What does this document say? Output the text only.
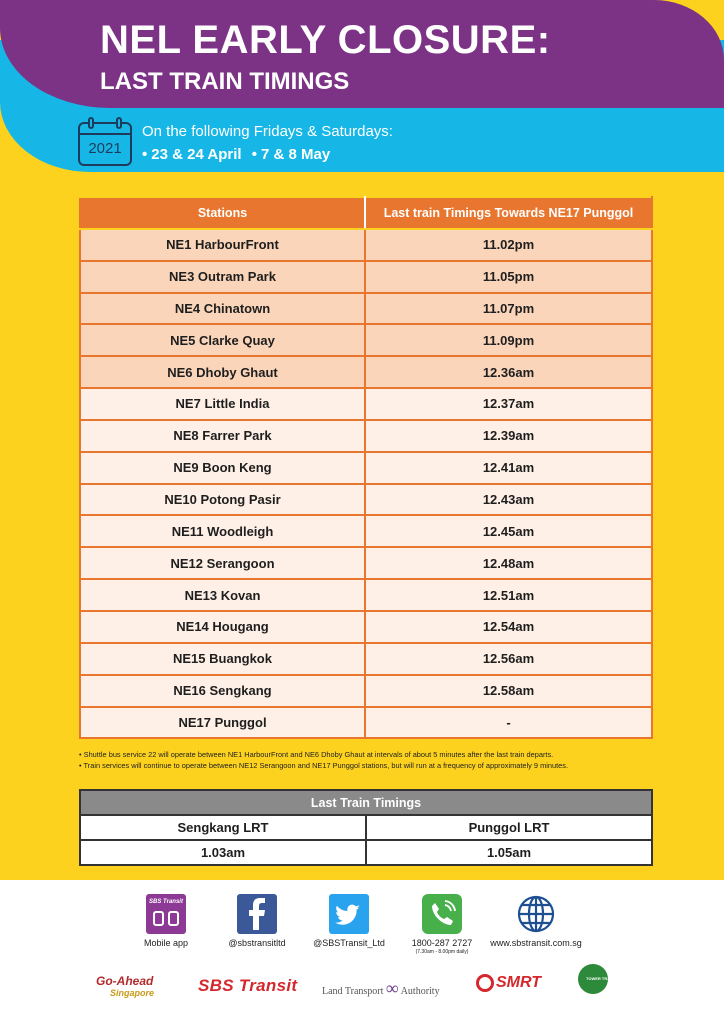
NEL EARLY CLOSURE:
LAST TRAIN TIMINGS
2021
On the following Fridays & Saturdays:
• 23 & 24 April • 7 & 8 May
Stations	Last train Timings Towards NE17 Punggol
NE1 HarbourFront	11.02pm
NE3 Outram Park	11.05pm
NE4 Chinatown	11.07pm
NE5 Clarke Quay	11.09pm
NE6 Dhoby Ghaut	12.36am
NE7 Little India	12.37am
NE8 Farrer Park	12.39am
NE9 Boon Keng	12.41am
NE10 Potong Pasir	12.43am
NE11 Woodleigh	12.45am
NE12 Serangoon	12.48am
NE13 Kovan	12.51am
NE14 Hougang	12.54am
NE15 Buangkok	12.56am
NE16 Sengkang	12.58am
NE17 Punggol	-
• Shuttle bus service 22 will operate between NE1 HarbourFront and NE6 Dhoby Ghaut at intervals of about 5 minutes after the last train departs.
• Train services will continue to operate between NE12 Serangoon and NE17 Punggol stations, but will run at a frequency of approximately 9 minutes.
Last Train Timings	
Sengkang LRT	Punggol LRT
1.03am	1.05am
SBS Transit
Mobile app	@sbstransitltd	@SBSTransit_Ltd	1800-287 2727
(7.30am - 8.00pm daily)
www.sbstransit.com.sg
Go-Ahead
Singapore	SBS Transit Land Transport ∞ Authority
SMRT	TOWER TRANSIT
